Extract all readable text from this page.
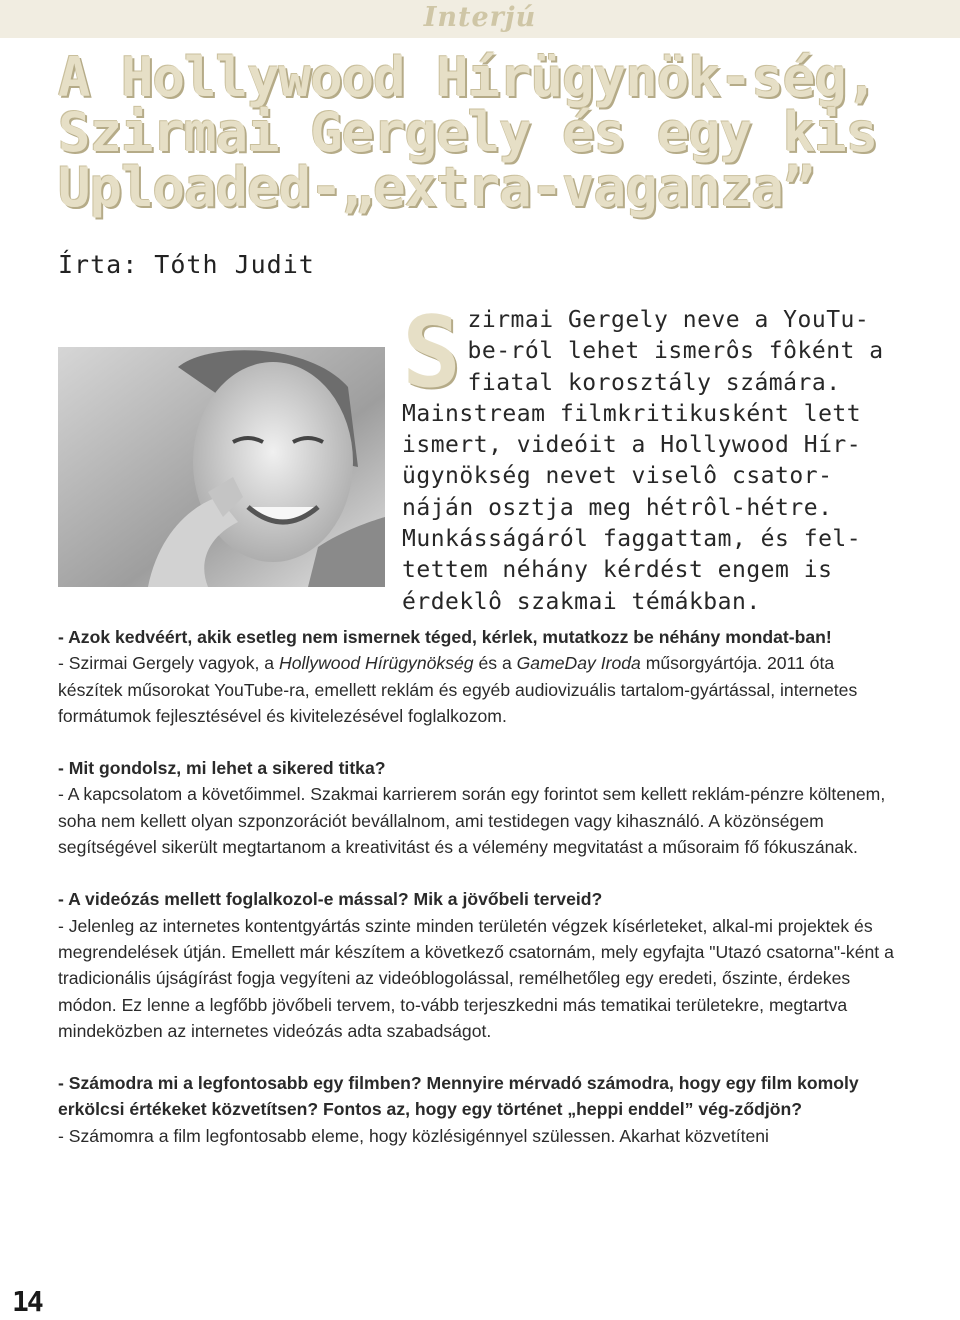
Interjú
A Hollywood Hírügynök-ség, Szirmai Gergely és egy kis Uploaded-„extra-vaganza”
Írta: Tóth Judit
S zirmai Gergely neve a YouTu-be-ról lehet ismerôs fôként a fiatal korosztály számára. Mainstream filmkritikusként lett ismert, videóit a Hollywood Hír-ügynökség nevet viselô csator-náján osztja meg hétrôl-hétre. Munkásságáról faggattam, és fel-tettem néhány kérdést engem is érdeklô szakmai témákban.

- Azok kedvéért, akik esetleg nem ismernek téged, kérlek, mutatkozz be néhány mondat-ban!

- Szirmai Gergely vagyok, a Hollywood Hírügynökség és a GameDay Iroda műsorgyártója. 2011 óta készítek műsorokat YouTube-ra, emellett reklám és egyéb audiovizuális tartalom-gyártással, internetes formátumok fejlesztésével és kivitelezésével foglalkozom.

- Mit gondolsz, mi lehet a sikered titka?

- A kapcsolatom a követőimmel. Szakmai karrierem során egy forintot sem kellett reklám-pénzre költenem, soha nem kellett olyan szponzorációt bevállalnom, ami testidegen vagy kihasználó. A közönségem segítségével sikerült megtartanom a kreativitást és a vélemény megvitatást a műsoraim fő fókuszának.

- A videózás mellett foglalkozol-e mással? Mik a jövőbeli terveid?

- Jelenleg az internetes kontentgyártás szinte minden területén végzek kísérleteket, alkal-mi projektek és megrendelések útján. Emellett már készítem a következő csatornám, mely egyfajta "Utazó csatorna"-ként a tradicionális újságírást fogja vegyíteni az videóblogolással, remélhetőleg egy eredeti, őszinte, érdekes módon. Ez lenne a legfőbb jövőbeli tervem, to-vább terjeszkedni más tematikai területekre, megtartva mindeközben az internetes videózás adta szabadságot.

- Számodra mi a legfontosabb egy filmben? Mennyire mérvadó számodra, hogy egy film komoly erkölcsi értékeket közvetítsen? Fontos az, hogy egy történet „heppi enddel” vég-ződjön?

- Számomra a film legfontosabb eleme, hogy közlésigénnyel szülessen. Akarhat közvetíteni

14
